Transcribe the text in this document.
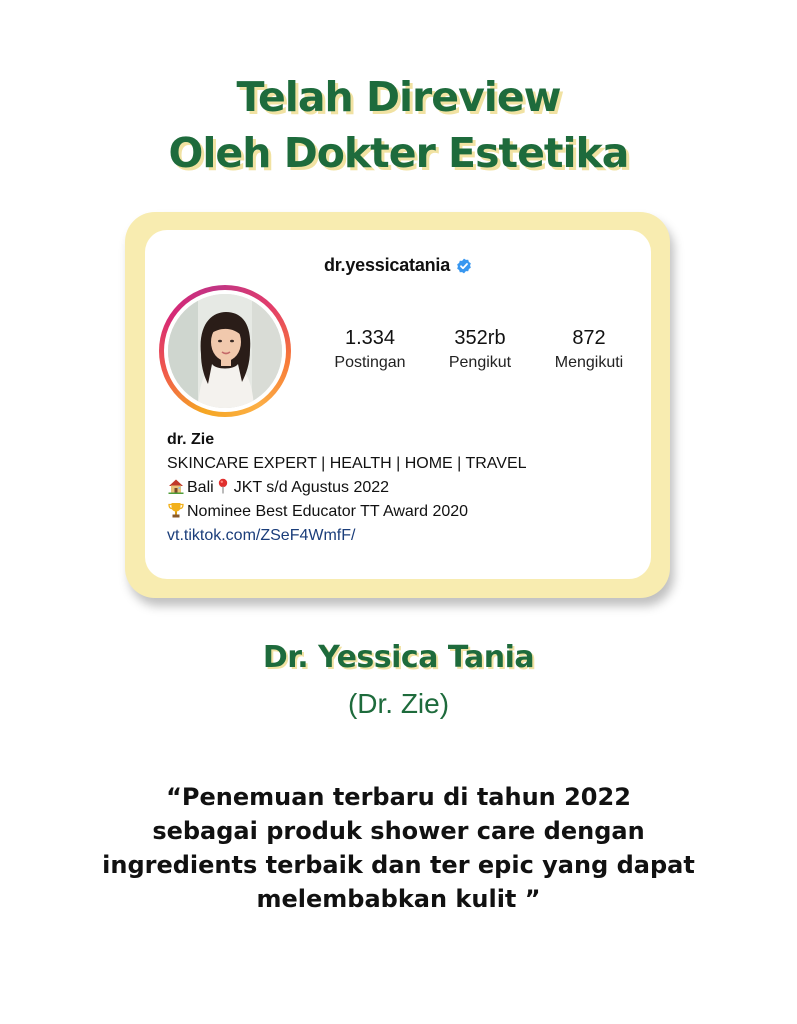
Telah Direview
Oleh Dokter Estetika
dr.yessicatania
1.334
Postingan
352rb
Pengikut
872
Mengikuti
dr. Zie
SKINCARE EXPERT | HEALTH | HOME | TRAVEL
Bali JKT s/d Agustus 2022
Nominee Best Educator TT Award 2020
vt.tiktok.com/ZSeF4WmfF/
Dr. Yessica Tania
(Dr. Zie)
“Penemuan terbaru di tahun 2022
sebagai produk shower care dengan
ingredients terbaik dan ter epic yang dapat
melembabkan kulit ”
